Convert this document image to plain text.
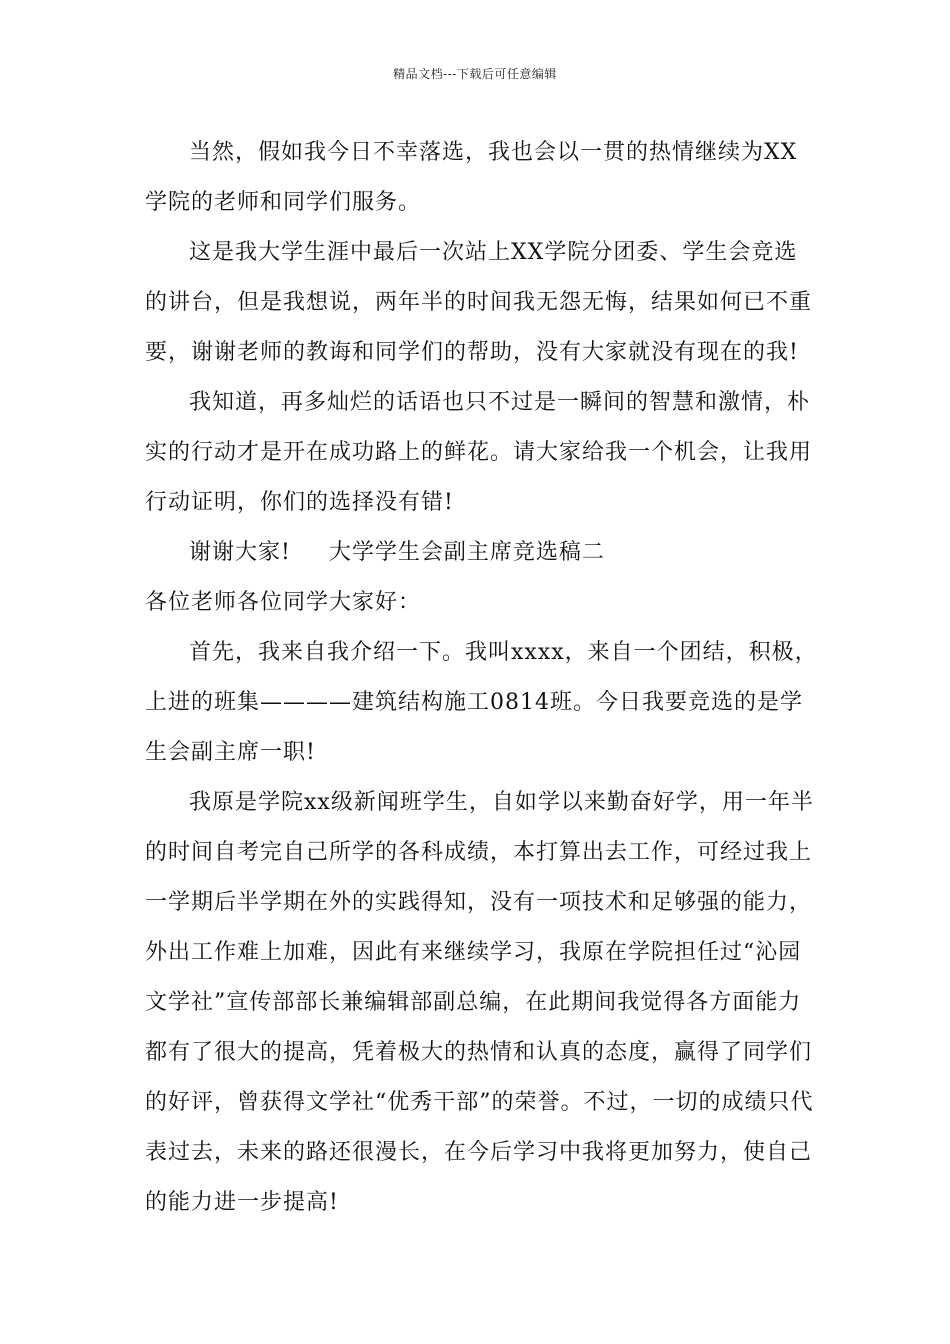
精品文档---下载后可任意编辑

当然，假如我今日不幸落选，我也会以一贯的热情继续为XX学院的老师和同学们服务。

这是我大学生涯中最后一次站上XX学院分团委、学生会竞选的讲台，但是我想说，两年半的时间我无怨无悔，结果如何已不重要，谢谢老师的教诲和同学们的帮助，没有大家就没有现在的我!

我知道，再多灿烂的话语也只不过是一瞬间的智慧和激情，朴实的行动才是开在成功路上的鲜花。请大家给我一个机会，让我用行动证明，你们的选择没有错!

谢谢大家! 大学学生会副主席竞选稿二

各位老师各位同学大家好：

首先，我来自我介绍一下。我叫xxxx，来自一个团结，积极，上进的班集————建筑结构施工0814班。今日我要竞选的是学生会副主席一职!

我原是学院xx级新闻班学生，自如学以来勤奋好学，用一年半的时间自考完自己所学的各科成绩，本打算出去工作，可经过我上一学期后半学期在外的实践得知，没有一项技术和足够强的能力，外出工作难上加难，因此有来继续学习，我原在学院担任过“沁园文学社”宣传部部长兼编辑部副总编，在此期间我觉得各方面能力都有了很大的提高，凭着极大的热情和认真的态度，赢得了同学们的好评，曾获得文学社“优秀干部”的荣誉。不过，一切的成绩只代表过去，未来的路还很漫长，在今后学习中我将更加努力，使自己的能力进一步提高!
